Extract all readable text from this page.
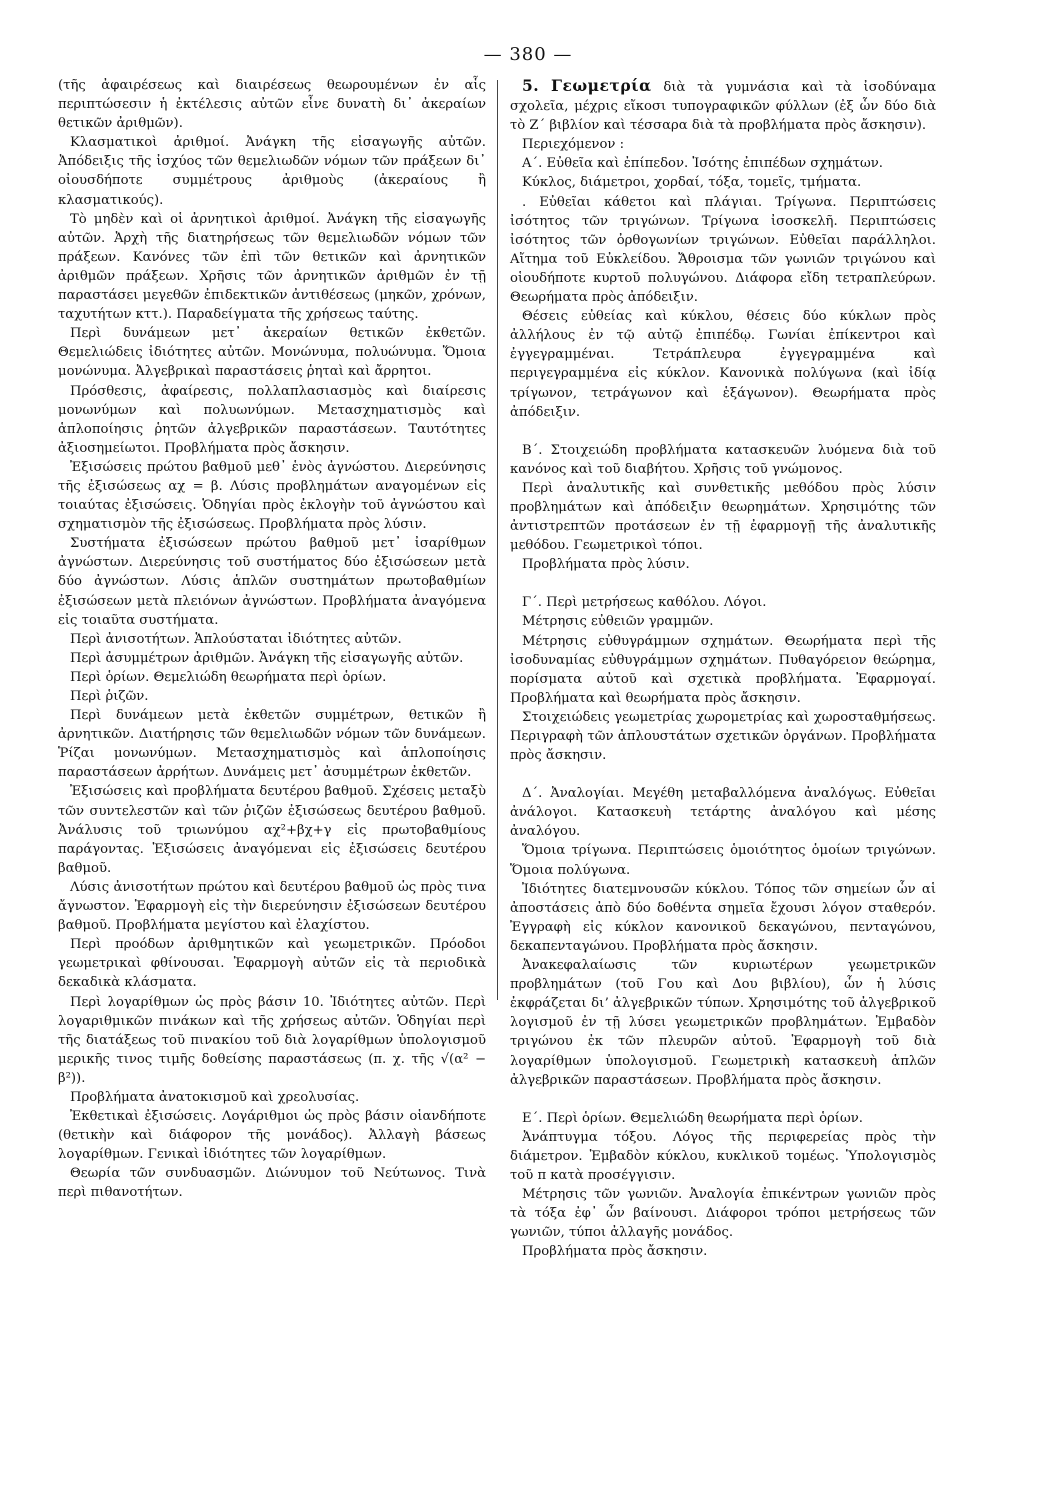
— 380 —

(τῆς ἀφαιρέσεως καὶ διαιρέσεως θεωρουμένων ἐν αἷς περιπτώσεσιν ἡ ἐκτέλεσις αὐτῶν εἶνε δυνατὴ δι᾿ ἀκεραίων θετικῶν ἀριθμῶν).

Κλασματικοὶ ἀριθμοί. Ἀνάγκη τῆς εἰσαγωγῆς αὐτῶν. Ἀπόδειξις τῆς ἰσχύος τῶν θεμελιωδῶν νόμων τῶν πράξεων δι᾿ οἰουσδήποτε συμμέτρους ἀριθμοὺς (ἀκεραίους ἢ κλασματικούς).

Τὸ μηδὲν καὶ οἱ ἀρνητικοὶ ἀριθμοί. Ἀνάγκη τῆς εἰσαγωγῆς αὐτῶν. Ἀρχὴ τῆς διατηρήσεως τῶν θεμελιωδῶν νόμων τῶν πράξεων. Κανόνες τῶν ἐπὶ τῶν θετικῶν καὶ ἀρνητικῶν ἀριθμῶν πράξεων. Χρῆσις τῶν ἀρνητικῶν ἀριθμῶν ἐν τῇ παραστάσει μεγεθῶν ἐπιδεκτικῶν ἀντιθέσεως (μηκῶν, χρόνων, ταχυτήτων κττ.). Παραδείγματα τῆς χρήσεως ταύτης.

Περὶ δυνάμεων μετ᾿ ἀκεραίων θετικῶν ἐκθετῶν. Θεμελιώδεις ἰδιότητες αὐτῶν. Μονώνυμα, πολυώνυμα. Ὅμοια μονώνυμα. Ἀλγεβρικαὶ παραστάσεις ῥηταὶ καὶ ἄρρητοι.

Πρόσθεσις, ἀφαίρεσις, πολλαπλασιασμὸς καὶ διαίρεσις μονωνύμων καὶ πολυωνύμων. Μετασχηματισμὸς καὶ ἁπλοποίησις ῥητῶν ἀλγεβρικῶν παραστάσεων. Ταυτότητες ἀξιοσημείωτοι. Προβλήματα πρὸς ἄσκησιν.

Ἐξισώσεις πρώτου βαθμοῦ μεθ᾿ ἑνὸς ἀγνώστου. Διερεύνησις τῆς ἐξισώσεως αχ = β. Λύσις προβλημάτων αναγομένων εἰς τοιαύτας ἐξισώσεις. Ὁδηγίαι πρὸς ἐκλογὴν τοῦ ἀγνώστου καὶ σχηματισμὸν τῆς ἐξισώσεως. Προβλήματα πρὸς λύσιν.

Συστήματα ἐξισώσεων πρώτου βαθμοῦ μετ᾿ ἰσαρίθμων ἀγνώστων. Διερεύνησις τοῦ συστήματος δύο ἐξισώσεων μετὰ δύο ἀγνώστων. Λύσις ἁπλῶν συστημάτων πρωτοβαθμίων ἐξισώσεων μετὰ πλειόνων ἀγνώστων. Προβλήματα ἀναγόμενα εἰς τοιαῦτα συστήματα.

Περὶ ἀνισοτήτων. Ἁπλούσταται ἰδιότητες αὐτῶν.

Περὶ ἀσυμμέτρων ἀριθμῶν. Ἀνάγκη τῆς εἰσαγωγῆς αὐτῶν.

Περὶ ὁρίων. Θεμελιώδη θεωρήματα περὶ ὁρίων.

Περὶ ῥιζῶν.

Περὶ δυνάμεων μετὰ ἐκθετῶν συμμέτρων, θετικῶν ἢ ἀρνητικῶν. Διατήρησις τῶν θεμελιωδῶν νόμων τῶν δυνάμεων. Ῥίζαι μονωνύμων. Μετασχηματισμὸς καὶ ἁπλοποίησις παραστάσεων ἀρρήτων. Δυνάμεις μετ᾿ ἀσυμμέτρων ἐκθετῶν.

Ἐξισώσεις καὶ προβλήματα δευτέρου βαθμοῦ. Σχέσεις μεταξὺ τῶν συντελεστῶν καὶ τῶν ῥιζῶν ἐξισώσεως δευτέρου βαθμοῦ. Ἀνάλυσις τοῦ τριωνύμου αχ²+βχ+γ εἰς πρωτοβαθμίους παράγοντας. Ἐξισώσεις ἀναγόμεναι εἰς ἐξισώσεις δευτέρου βαθμοῦ.

Λύσις ἀνισοτήτων πρώτου καὶ δευτέρου βαθμοῦ ὡς πρὸς τινα ἄγνωστον. Ἐφαρμογὴ εἰς τὴν διερεύνησιν ἐξισώσεων δευτέρου βαθμοῦ. Προβλήματα μεγίστου καὶ ἐλαχίστου.

Περὶ προόδων ἀριθμητικῶν καὶ γεωμετρικῶν. Πρόοδοι γεωμετρικαὶ φθίνουσαι. Ἐφαρμογὴ αὐτῶν εἰς τὰ περιοδικὰ δεκαδικὰ κλάσματα.

Περὶ λογαρίθμων ὡς πρὸς βάσιν 10. Ἰδιότητες αὐτῶν. Περὶ λογαριθμικῶν πινάκων καὶ τῆς χρήσεως αὐτῶν. Ὁδηγίαι περὶ τῆς διατάξεως τοῦ πινακίου τοῦ διὰ λογαρίθμων ὑπολογισμοῦ μερικῆς τινος τιμῆς δοθείσης παραστάσεως (π. χ. τῆς √(α² − β²)).

Προβλήματα ἀνατοκισμοῦ καὶ χρεολυσίας.

Ἐκθετικαὶ ἐξισώσεις. Λογάριθμοι ὡς πρὸς βάσιν οἱανδήποτε (θετικὴν καὶ διάφορον τῆς μονάδος). Ἀλλαγὴ βάσεως λογαρίθμων. Γενικαὶ ἰδιότητες τῶν λογαρίθμων.

Θεωρία τῶν συνδυασμῶν. Διώνυμον τοῦ Νεύτωνος. Τινὰ περὶ πιθανοτήτων.

5. Γεωμετρία διὰ τὰ γυμνάσια καὶ τὰ ἰσοδύναμα σχολεῖα, μέχρις εἴκοσι τυπογραφικῶν φύλλων (ἐξ ὧν δύο διὰ τὸ Ζ΄ βιβλίον καὶ τέσσαρα διὰ τὰ προβλήματα πρὸς ἄσκησιν).

Περιεχόμενον :

Α΄. Εὐθεῖα καὶ ἐπίπεδον. Ἰσότης ἐπιπέδων σχημάτων.

Κύκλος, διάμετροι, χορδαί, τόξα, τομεῖς, τμήματα.

. Εὐθεῖαι κάθετοι καὶ πλάγιαι. Τρίγωνα. Περιπτώσεις ἰσότητος τῶν τριγώνων. Τρίγωνα ἰσοσκελῆ. Περιπτώσεις ἰσότητος τῶν ὀρθογωνίων τριγώνων. Εὐθεῖαι παράλληλοι. Αἴτημα τοῦ Εὐκλείδου. Ἄθροισμα τῶν γωνιῶν τριγώνου καὶ οἱουδήποτε κυρτοῦ πολυγώνου. Διάφορα εἴδη τετραπλεύρων. Θεωρήματα πρὸς ἀπόδειξιν.

Θέσεις εὐθείας καὶ κύκλου, θέσεις δύο κύκλων πρὸς ἀλλήλους ἐν τῷ αὐτῷ ἐπιπέδῳ. Γωνίαι ἐπίκεντροι καὶ ἐγγεγραμμέναι. Τετράπλευρα ἐγγεγραμμένα καὶ περιγεγραμμένα εἰς κύκλον. Κανονικὰ πολύγωνα (καὶ ἰδίᾳ τρίγωνον, τετράγωνον καὶ ἑξάγωνον). Θεωρήματα πρὸς ἀπόδειξιν.

Β΄. Στοιχειώδη προβλήματα κατασκευῶν λυόμενα διὰ τοῦ κανόνος καὶ τοῦ διαβήτου. Χρῆσις τοῦ γνώμονος.

Περὶ ἀναλυτικῆς καὶ συνθετικῆς μεθόδου πρὸς λύσιν προβλημάτων καὶ ἀπόδειξιν θεωρημάτων. Χρησιμότης τῶν ἀντιστρεπτῶν προτάσεων ἐν τῇ ἐφαρμογῇ τῆς ἀναλυτικῆς μεθόδου. Γεωμετρικοὶ τόποι.

Προβλήματα πρὸς λύσιν.

Γ΄. Περὶ μετρήσεως καθόλου. Λόγοι.

Μέτρησις εὐθειῶν γραμμῶν.

Μέτρησις εὐθυγράμμων σχημάτων. Θεωρήματα περὶ τῆς ἰσοδυναμίας εὐθυγράμμων σχημάτων. Πυθαγόρειον θεώρημα, πορίσματα αὐτοῦ καὶ σχετικὰ προβλήματα. Ἐφαρμογαί. Προβλήματα καὶ θεωρήματα πρὸς ἄσκησιν.

Στοιχειώδεις γεωμετρίας χωρομετρίας καὶ χωροσταθμήσεως. Περιγραφὴ τῶν ἁπλουστάτων σχετικῶν ὀργάνων. Προβλήματα πρὸς ἄσκησιν.

Δ΄. Ἀναλογίαι. Μεγέθη μεταβαλλόμενα ἀναλόγως. Εὐθεῖαι ἀνάλογοι. Κατασκευὴ τετάρτης ἀναλόγου καὶ μέσης ἀναλόγου.

Ὅμοια τρίγωνα. Περιπτώσεις ὁμοιότητος ὁμοίων τριγώνων. Ὅμοια πολύγωνα.

Ἰδιότητες διατεμνουσῶν κύκλου. Τόπος τῶν σημείων ὧν αἱ ἀποστάσεις ἀπὸ δύο δοθέντα σημεῖα ἔχουσι λόγον σταθερόν. Ἐγγραφὴ εἰς κύκλον κανονικοῦ δεκαγώνου, πενταγώνου, δεκαπενταγώνου. Προβλήματα πρὸς ἄσκησιν.

Ἀνακεφαλαίωσις τῶν κυριωτέρων γεωμετρικῶν προβλημάτων (τοῦ Γου καὶ Δου βιβλίου), ὧν ἡ λύσις ἐκφράζεται διʼ ἀλγεβρικῶν τύπων. Χρησιμότης τοῦ ἀλγεβρικοῦ λογισμοῦ ἐν τῇ λύσει γεωμετρικῶν προβλημάτων. Ἐμβαδὸν τριγώνου ἐκ τῶν πλευρῶν αὐτοῦ. Ἐφαρμογὴ τοῦ διὰ λογαρίθμων ὑπολογισμοῦ. Γεωμετρικὴ κατασκευὴ ἁπλῶν ἀλγεβρικῶν παραστάσεων. Προβλήματα πρὸς ἄσκησιν.

Ε΄. Περὶ ὁρίων. Θεμελιώδη θεωρήματα περὶ ὁρίων.

Ἀνάπτυγμα τόξου. Λόγος τῆς περιφερείας πρὸς τὴν διάμετρον. Ἐμβαδὸν κύκλου, κυκλικοῦ τομέως. Ὑπολογισμὸς τοῦ π κατὰ προσέγγισιν.

Μέτρησις τῶν γωνιῶν. Ἀναλογία ἐπικέντρων γωνιῶν πρὸς τὰ τόξα ἐφ᾿ ὧν βαίνουσι. Διάφοροι τρόποι μετρήσεως τῶν γωνιῶν, τύποι ἀλλαγῆς μονάδος.

Προβλήματα πρὸς ἄσκησιν.
